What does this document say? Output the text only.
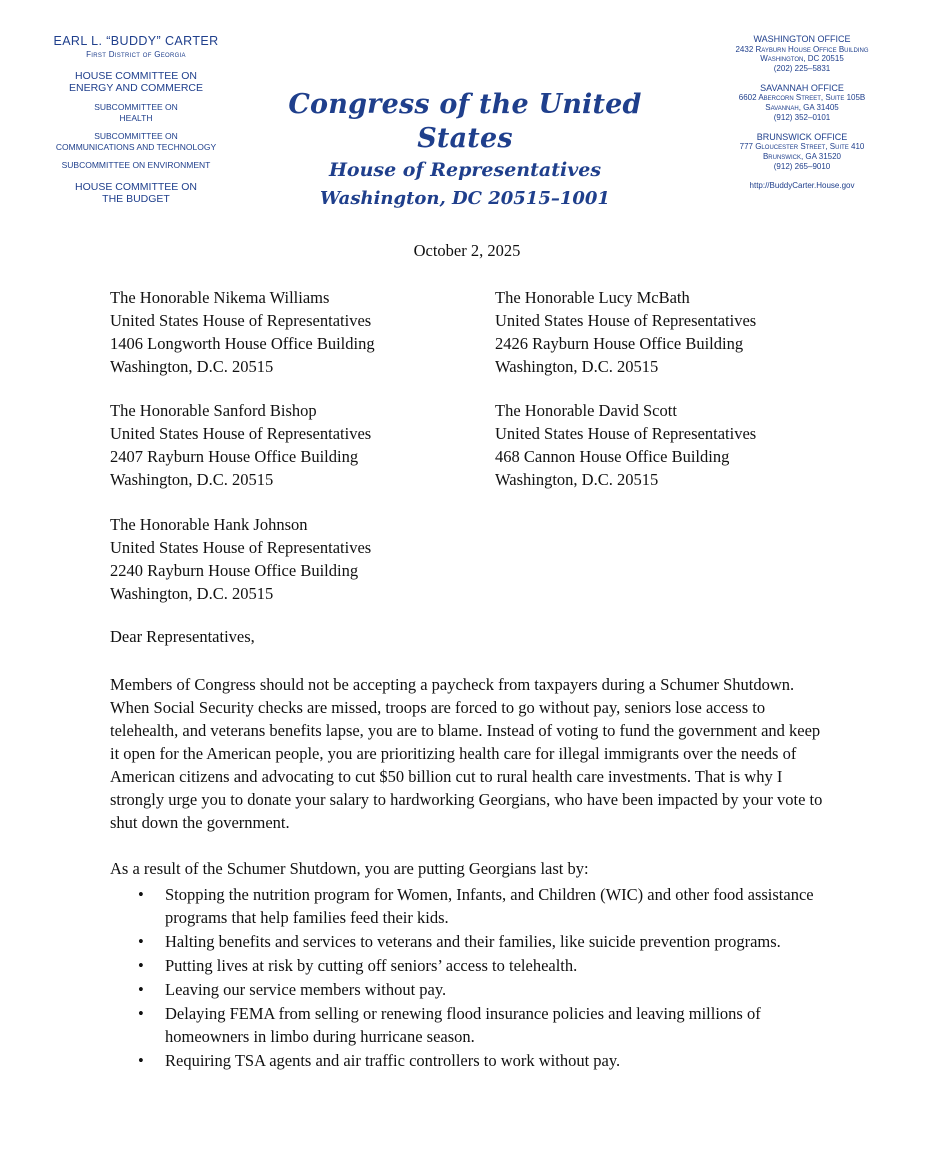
EARL L. “BUDDY” CARTER
First District of Georgia
HOUSE COMMITTEE ON
ENERGY AND COMMERCE
SUBCOMMITTEE ON
HEALTH
SUBCOMMITTEE ON
COMMUNICATIONS AND TECHNOLOGY
SUBCOMMITTEE ON ENVIRONMENT
HOUSE COMMITTEE ON
THE BUDGET
Congress of the United States
House of Representatives
Washington, DC 20515–1001
WASHINGTON OFFICE
2432 Rayburn House Office Building
Washington, DC 20515
(202) 225–5831
SAVANNAH OFFICE
6602 Abercorn Street, Suite 105B
Savannah, GA 31405
(912) 352–0101
BRUNSWICK OFFICE
777 Gloucester Street, Suite 410
Brunswick, GA 31520
(912) 265–9010
http://BuddyCarter.House.gov
October 2, 2025
The Honorable Nikema Williams
United States House of Representatives
1406 Longworth House Office Building
Washington, D.C. 20515
The Honorable Lucy McBath
United States House of Representatives
2426 Rayburn House Office Building
Washington, D.C. 20515
The Honorable Sanford Bishop
United States House of Representatives
2407 Rayburn House Office Building
Washington, D.C. 20515
The Honorable David Scott
United States House of Representatives
468 Cannon House Office Building
Washington, D.C. 20515
The Honorable Hank Johnson
United States House of Representatives
2240 Rayburn House Office Building
Washington, D.C. 20515
Dear Representatives,
Members of Congress should not be accepting a paycheck from taxpayers during a Schumer Shutdown. When Social Security checks are missed, troops are forced to go without pay, seniors lose access to telehealth, and veterans benefits lapse, you are to blame. Instead of voting to fund the government and keep it open for the American people, you are prioritizing health care for illegal immigrants over the needs of American citizens and advocating to cut $50 billion cut to rural health care investments. That is why I strongly urge you to donate your salary to hardworking Georgians, who have been impacted by your vote to shut down the government.
As a result of the Schumer Shutdown, you are putting Georgians last by:
• Stopping the nutrition program for Women, Infants, and Children (WIC) and other food assistance programs that help families feed their kids.
• Halting benefits and services to veterans and their families, like suicide prevention programs.
• Putting lives at risk by cutting off seniors’ access to telehealth.
• Leaving our service members without pay.
• Delaying FEMA from selling or renewing flood insurance policies and leaving millions of homeowners in limbo during hurricane season.
• Requiring TSA agents and air traffic controllers to work without pay.
